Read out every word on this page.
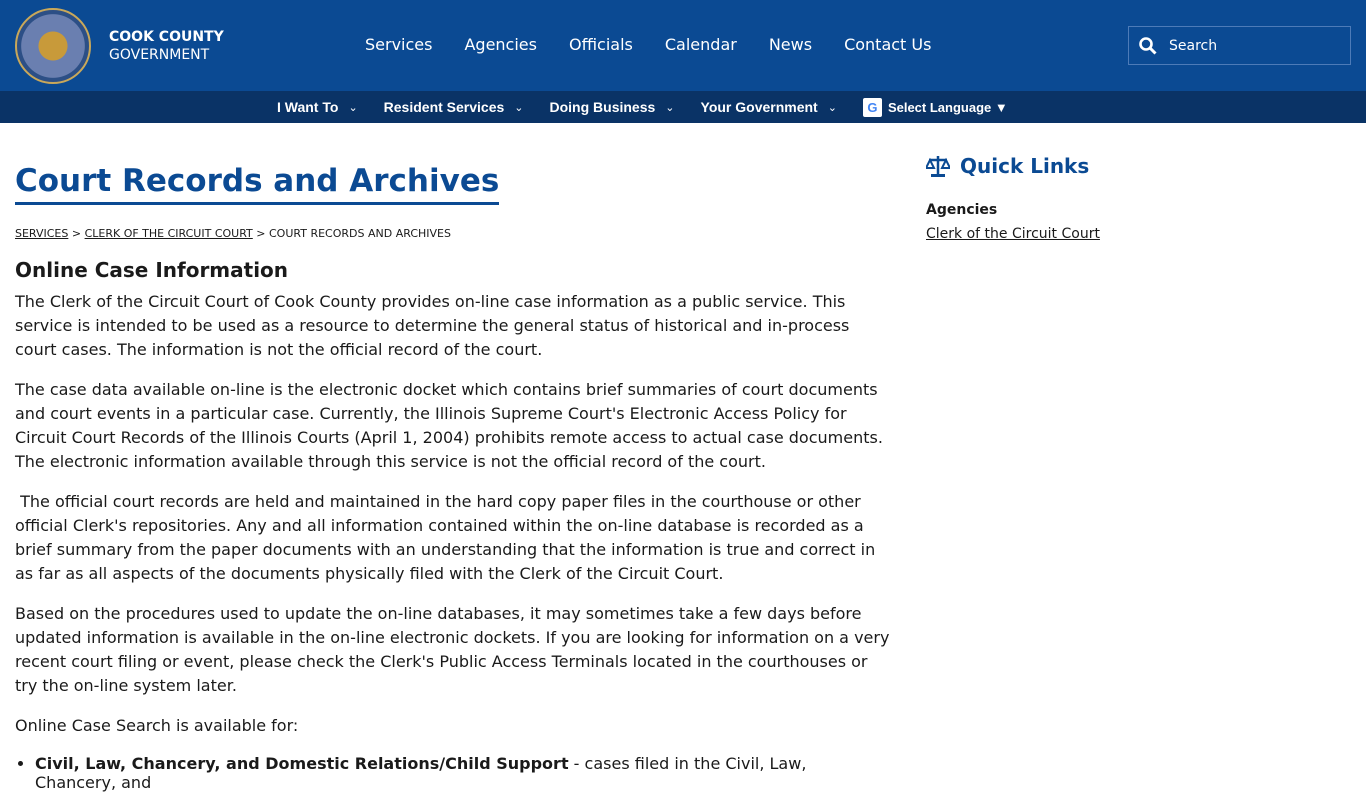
COOK COUNTY
GOVERNMENT
Services Agencies Officials Calendar News Contact Us
Search
I Want To ⌄ Resident Services ⌄ Doing Business ⌄ Your Government ⌄	G Select Language ▼
Court Records and Archives
SERVICES > CLERK OF THE CIRCUIT COURT > COURT RECORDS AND ARCHIVES
Online Case Information

The Clerk of the Circuit Court of Cook County provides on-line case information as a public service. This service is intended to be used as a resource to determine the general status of historical and in-process court cases. The information is not the official record of the court.

The case data available on-line is the electronic docket which contains brief summaries of court documents and court events in a particular case. Currently, the Illinois Supreme Court's Electronic Access Policy for Circuit Court Records of the Illinois Courts (April 1, 2004) prohibits remote access to actual case documents. The electronic information available through this service is not the official record of the court.

The official court records are held and maintained in the hard copy paper files in the courthouse or other official Clerk's repositories. Any and all information contained within the on-line database is recorded as a brief summary from the paper documents with an understanding that the information is true and correct in as far as all aspects of the documents physically filed with the Clerk of the Circuit Court.

Based on the procedures used to update the on-line databases, it may sometimes take a few days before updated information is available in the on-line electronic dockets. If you are looking for information on a very recent court filing or event, please check the Clerk's Public Access Terminals located in the courthouses or try the on-line system later.

Online Case Search is available for:

• Civil, Law, Chancery, and Domestic Relations/Child Support - cases filed in the Civil, Law, Chancery, and
Quick Links
Agencies
Clerk of the Circuit Court
